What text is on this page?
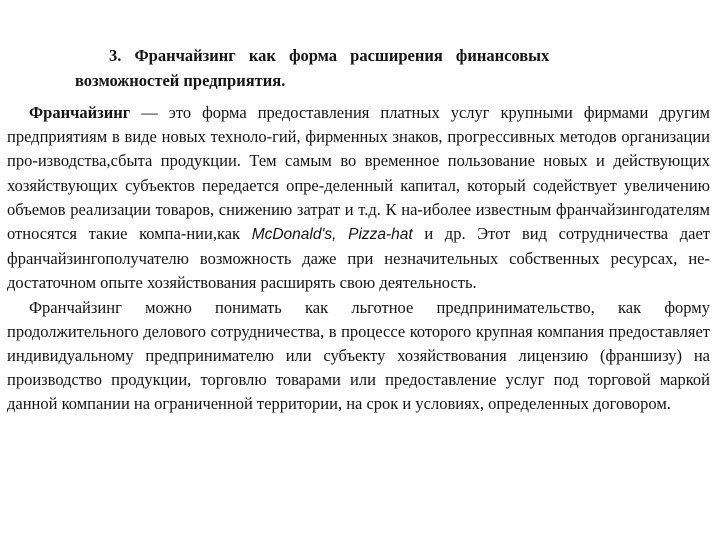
3. Франчайзинг как форма расширения финансовых
возможностей предприятия.

Франчайзинг — это форма предоставления платных услуг крупными фирмами другим предприятиям в виде новых техноло-гий, фирменных знаков, прогрессивных методов организации про-изводства,сбыта продукции. Тем самым во временное пользование новых и действующих хозяйствующих субъектов передается опре-деленный капитал, который содействует увеличению объемов реализации товаров, снижению затрат и т.д. К на-иболее известным франчайзингодателям относятся такие компа-нии,как McDonald's, Pizza-hat и др. Этот вид сотрудничества дает франчайзингополучателю возможность даже при незначительных собственных ресурсах, не-достаточном опыте хозяйствования расширять свою деятельность.

Франчайзинг можно понимать как льготное предпринимательство, как форму продолжительного делового сотрудничества, в процессе которого крупная компания предоставляет индивидуальному предпринимателю или субъекту хозяйствования лицензию (франшизу) на производство продукции, торговлю товарами или предоставление услуг под торговой маркой данной компании на ограниченной территории, на срок и условиях, определенных договором.
